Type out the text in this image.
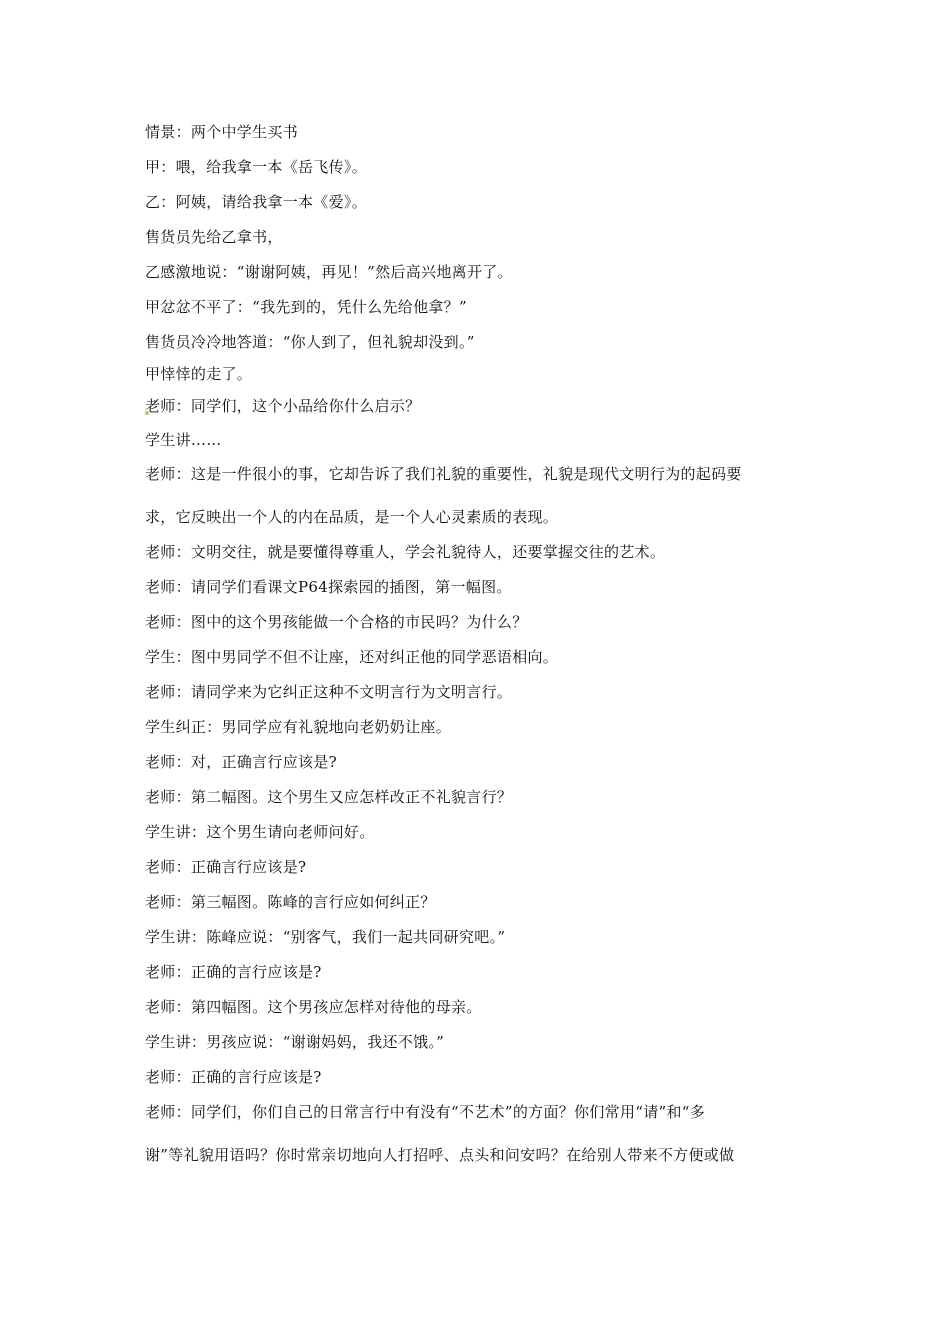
情景：两个中学生买书

甲：喂，给我拿一本《岳飞传》。

乙：阿姨，请给我拿一本《爱》。

售货员先给乙拿书，

乙感激地说：“谢谢阿姨，再见！”然后高兴地离开了。

甲忿忿不平了：“我先到的，凭什么先给他拿？”

售货员冷冷地答道：“你人到了，但礼貌却没到。”

甲悻悻的走了。

老师：同学们，这个小品给你什么启示？

学生讲……

老师：这是一件很小的事，它却告诉了我们礼貌的重要性，礼貌是现代文明行为的起码要

求，它反映出一个人的内在品质，是一个人心灵素质的表现。

老师：文明交往，就是要懂得尊重人，学会礼貌待人，还要掌握交往的艺术。

老师：请同学们看课文P64探索园的插图，第一幅图。

老师：图中的这个男孩能做一个合格的市民吗？为什么？

学生：图中男同学不但不让座，还对纠正他的同学恶语相向。

老师：请同学来为它纠正这种不文明言行为文明言行。

学生纠正：男同学应有礼貌地向老奶奶让座。

老师：对，正确言行应该是?

老师：第二幅图。这个男生又应怎样改正不礼貌言行？

学生讲：这个男生请向老师问好。

老师：正确言行应该是?

老师：第三幅图。陈峰的言行应如何纠正？

学生讲：陈峰应说：“别客气，我们一起共同研究吧。”

老师：正确的言行应该是?

老师：第四幅图。这个男孩应怎样对待他的母亲。

学生讲：男孩应说：“谢谢妈妈，我还不饿。”

老师：正确的言行应该是?

老师：同学们，你们自己的日常言行中有没有“不艺术”的方面？你们常用“请”和“多

谢”等礼貌用语吗？你时常亲切地向人打招呼、点头和问安吗？在给别人带来不方便或做
